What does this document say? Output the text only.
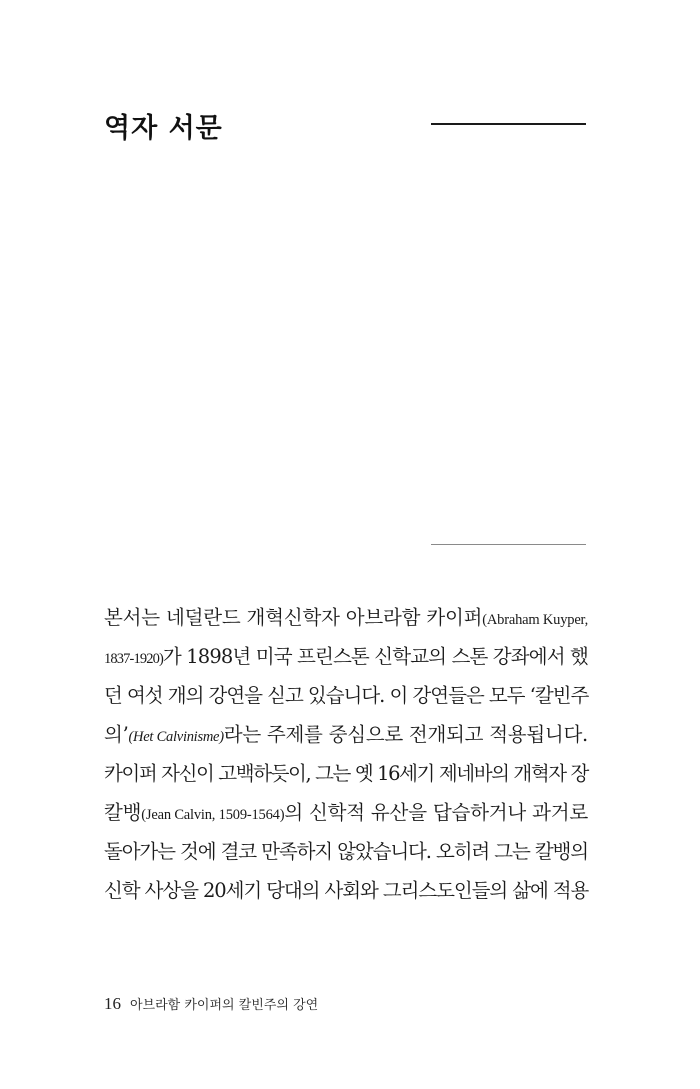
역자 서문
본서는 네덜란드 개혁신학자 아브라함 카이퍼(Abraham Kuyper,
1837-1920)가 1898년 미국 프린스톤 신학교의 스톤 강좌에서 했
던 여섯 개의 강연을 싣고 있습니다. 이 강연들은 모두 ‘칼빈주
의’(Het Calvinisme)라는 주제를 중심으로 전개되고 적용됩니다.
카이퍼 자신이 고백하듯이, 그는 옛 16세기 제네바의 개혁자 장
칼뱅(Jean Calvin, 1509-1564)의 신학적 유산을 답습하거나 과거로
돌아가는 것에 결코 만족하지 않았습니다. 오히려 그는 칼뱅의
신학 사상을 20세기 당대의 사회와 그리스도인들의 삶에 적용
16 아브라함 카이퍼의 칼빈주의 강연
